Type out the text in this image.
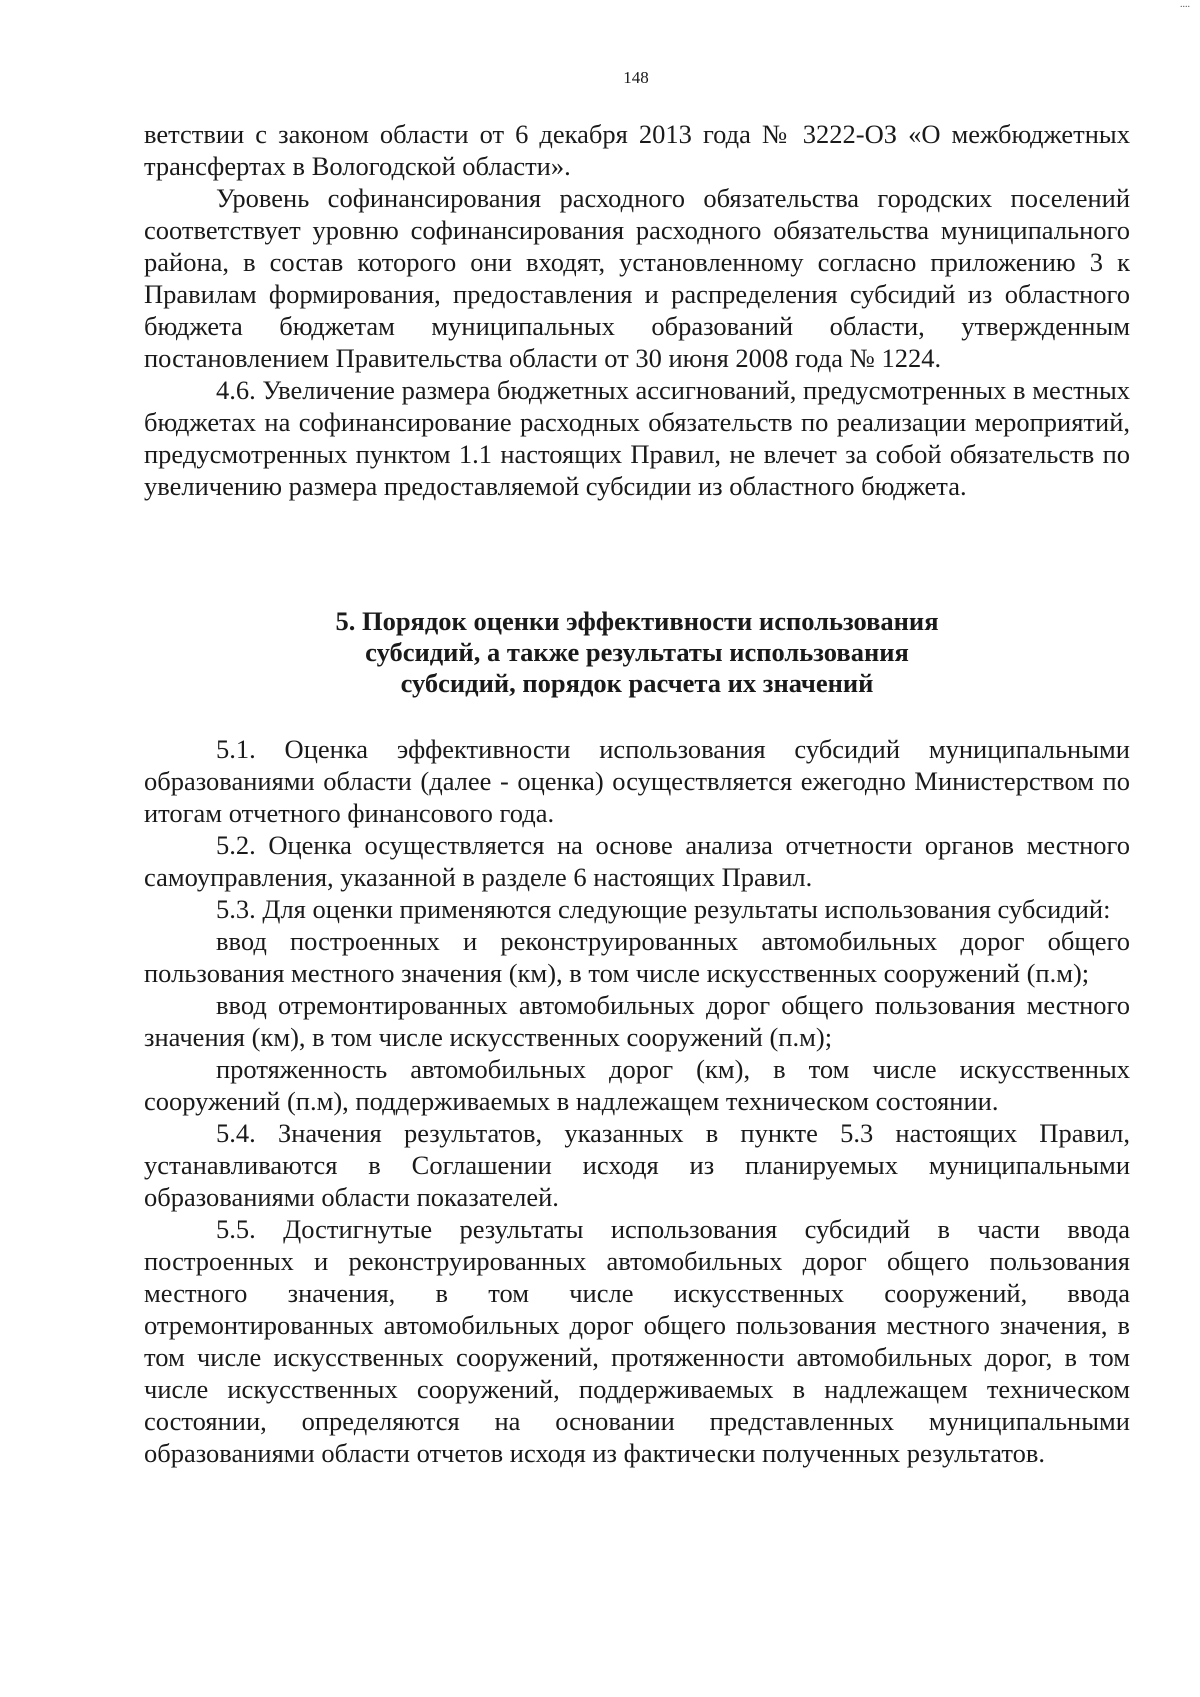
....
148

ветствии с законом области от 6 декабря 2013 года № 3222-ОЗ «О межбюджетных трансфертах в Вологодской области».

Уровень софинансирования расходного обязательства городских поселений соответствует уровню софинансирования расходного обязательства муниципального района, в состав которого они входят, установленному согласно приложению 3 к Правилам формирования, предоставления и распределения субсидий из областного бюджета бюджетам муниципальных образований области, утвержденным постановлением Правительства области от 30 июня 2008 года № 1224.

4.6. Увеличение размера бюджетных ассигнований, предусмотренных в местных бюджетах на софинансирование расходных обязательств по реализации мероприятий, предусмотренных пунктом 1.1 настоящих Правил, не влечет за собой обязательств по увеличению размера предоставляемой субсидии из областного бюджета.

5. Порядок оценки эффективности использования
субсидий, а также результаты использования
субсидий, порядок расчета их значений

5.1. Оценка эффективности использования субсидий муниципальными образованиями области (далее - оценка) осуществляется ежегодно Министерством по итогам отчетного финансового года.

5.2. Оценка осуществляется на основе анализа отчетности органов местного самоуправления, указанной в разделе 6 настоящих Правил.

5.3. Для оценки применяются следующие результаты использования субсидий:

ввод построенных и реконструированных автомобильных дорог общего пользования местного значения (км), в том числе искусственных сооружений (п.м);

ввод отремонтированных автомобильных дорог общего пользования местного значения (км), в том числе искусственных сооружений (п.м);

протяженность автомобильных дорог (км), в том числе искусственных сооружений (п.м), поддерживаемых в надлежащем техническом состоянии.

5.4. Значения результатов, указанных в пункте 5.3 настоящих Правил, устанавливаются в Соглашении исходя из планируемых муниципальными образованиями области показателей.

5.5. Достигнутые результаты использования субсидий в части ввода построенных и реконструированных автомобильных дорог общего пользования местного значения, в том числе искусственных сооружений, ввода отремонтированных автомобильных дорог общего пользования местного значения, в том числе искусственных сооружений, протяженности автомобильных дорог, в том числе искусственных сооружений, поддерживаемых в надлежащем техническом состоянии, определяются на основании представленных муниципальными образованиями области отчетов исходя из фактически полученных результатов.
